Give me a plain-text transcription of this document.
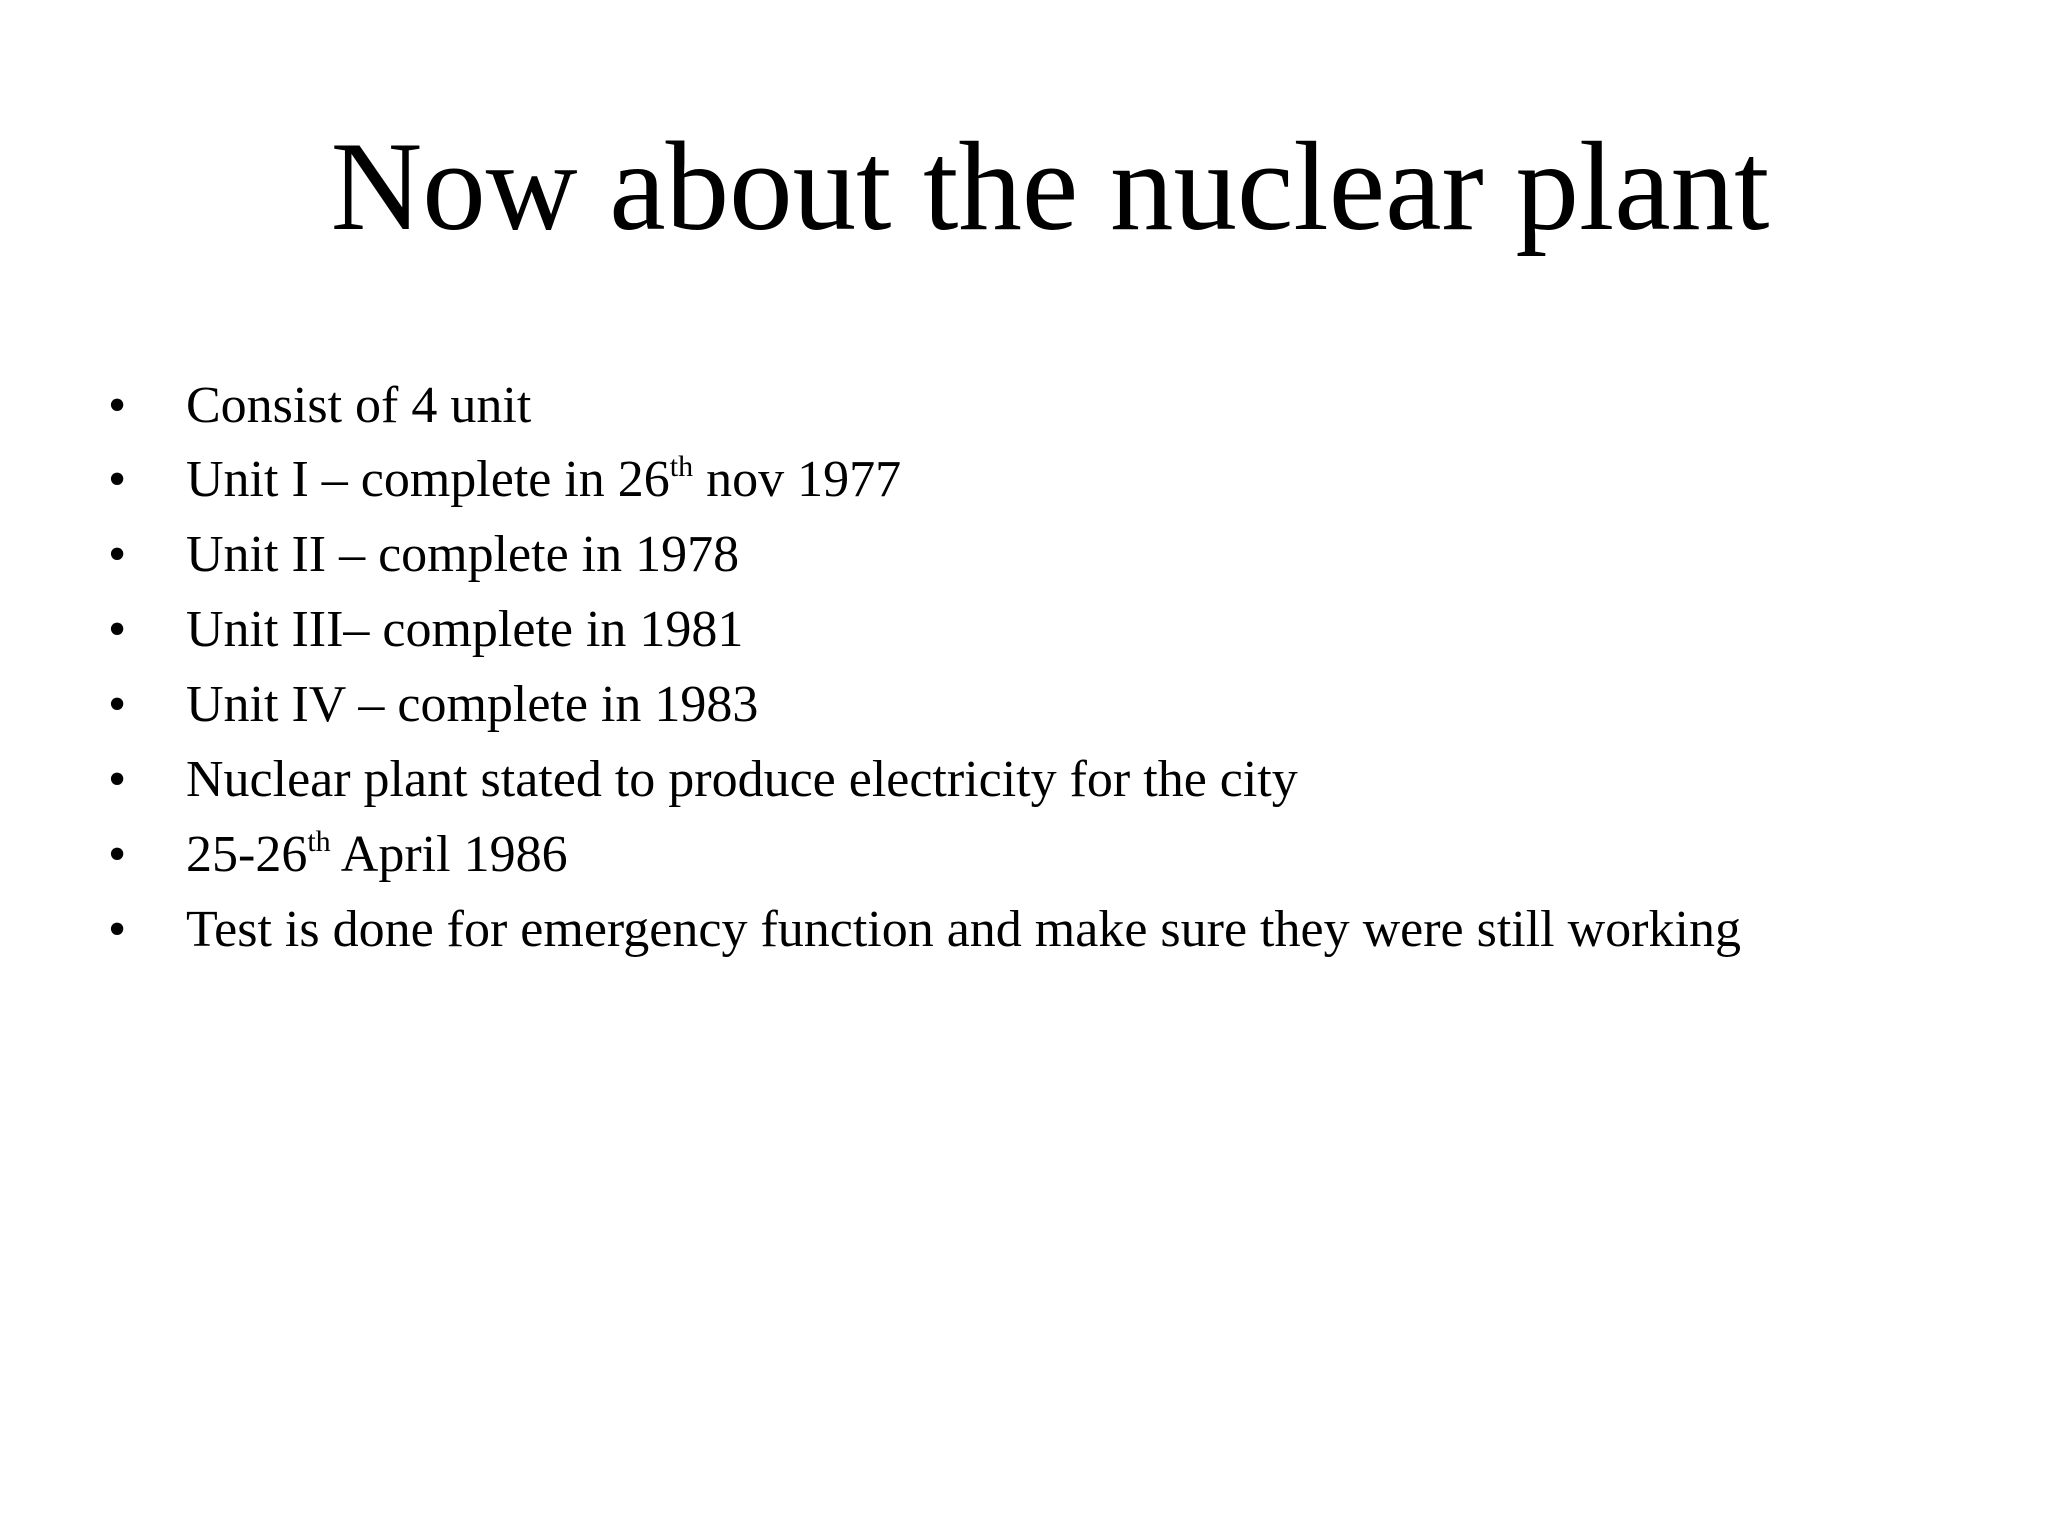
Now about the nuclear plant
• Consist of 4 unit
• Unit I – complete in 26th nov 1977
• Unit II – complete in 1978
• Unit III– complete in 1981
• Unit IV – complete in 1983
• Nuclear plant stated to produce electricity for the city
• 25-26th April 1986
• Test is done for emergency function and make sure they were still working
